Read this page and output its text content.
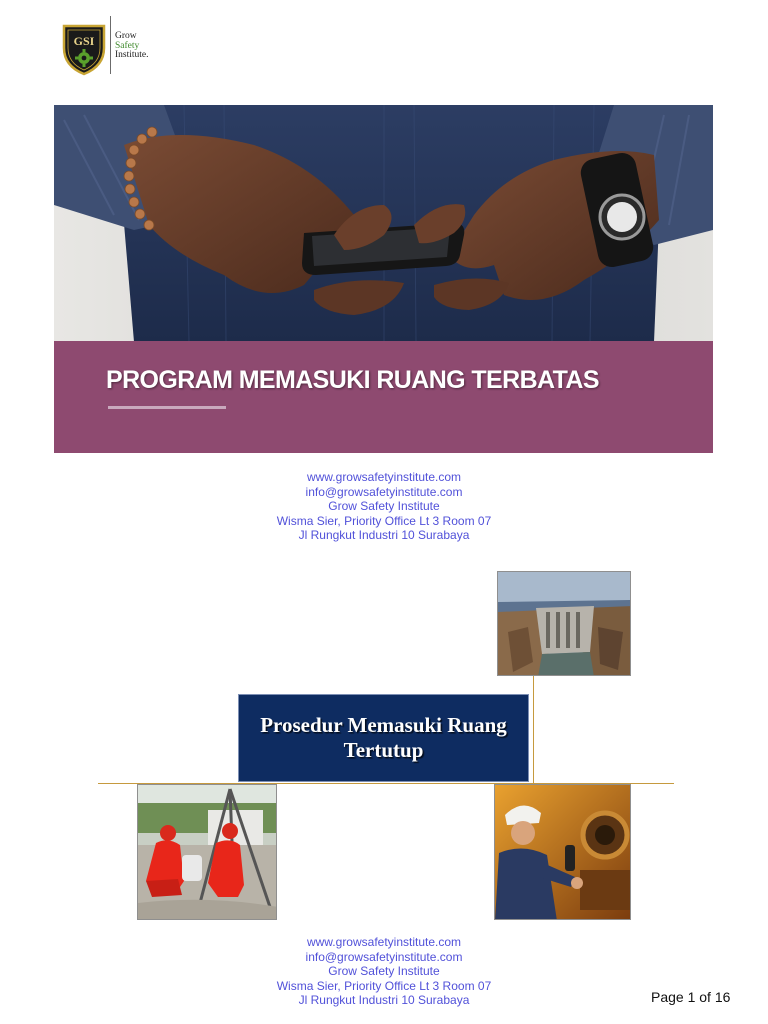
GSI Grow
Safety
Institute.
PROGRAM MEMASUKI RUANG TERBATAS
www.growsafetyinstitute.com
info@growsafetyinstitute.com
Grow Safety Institute
Wisma Sier, Priority Office Lt 3 Room 07
Jl Rungkut Industri 10 Surabaya
Prosedur Memasuki Ruang
Tertutup
www.growsafetyinstitute.com
info@growsafetyinstitute.com
Grow Safety Institute
Wisma Sier, Priority Office Lt 3 Room 07
Jl Rungkut Industri 10 Surabaya	Page 1 of 16
